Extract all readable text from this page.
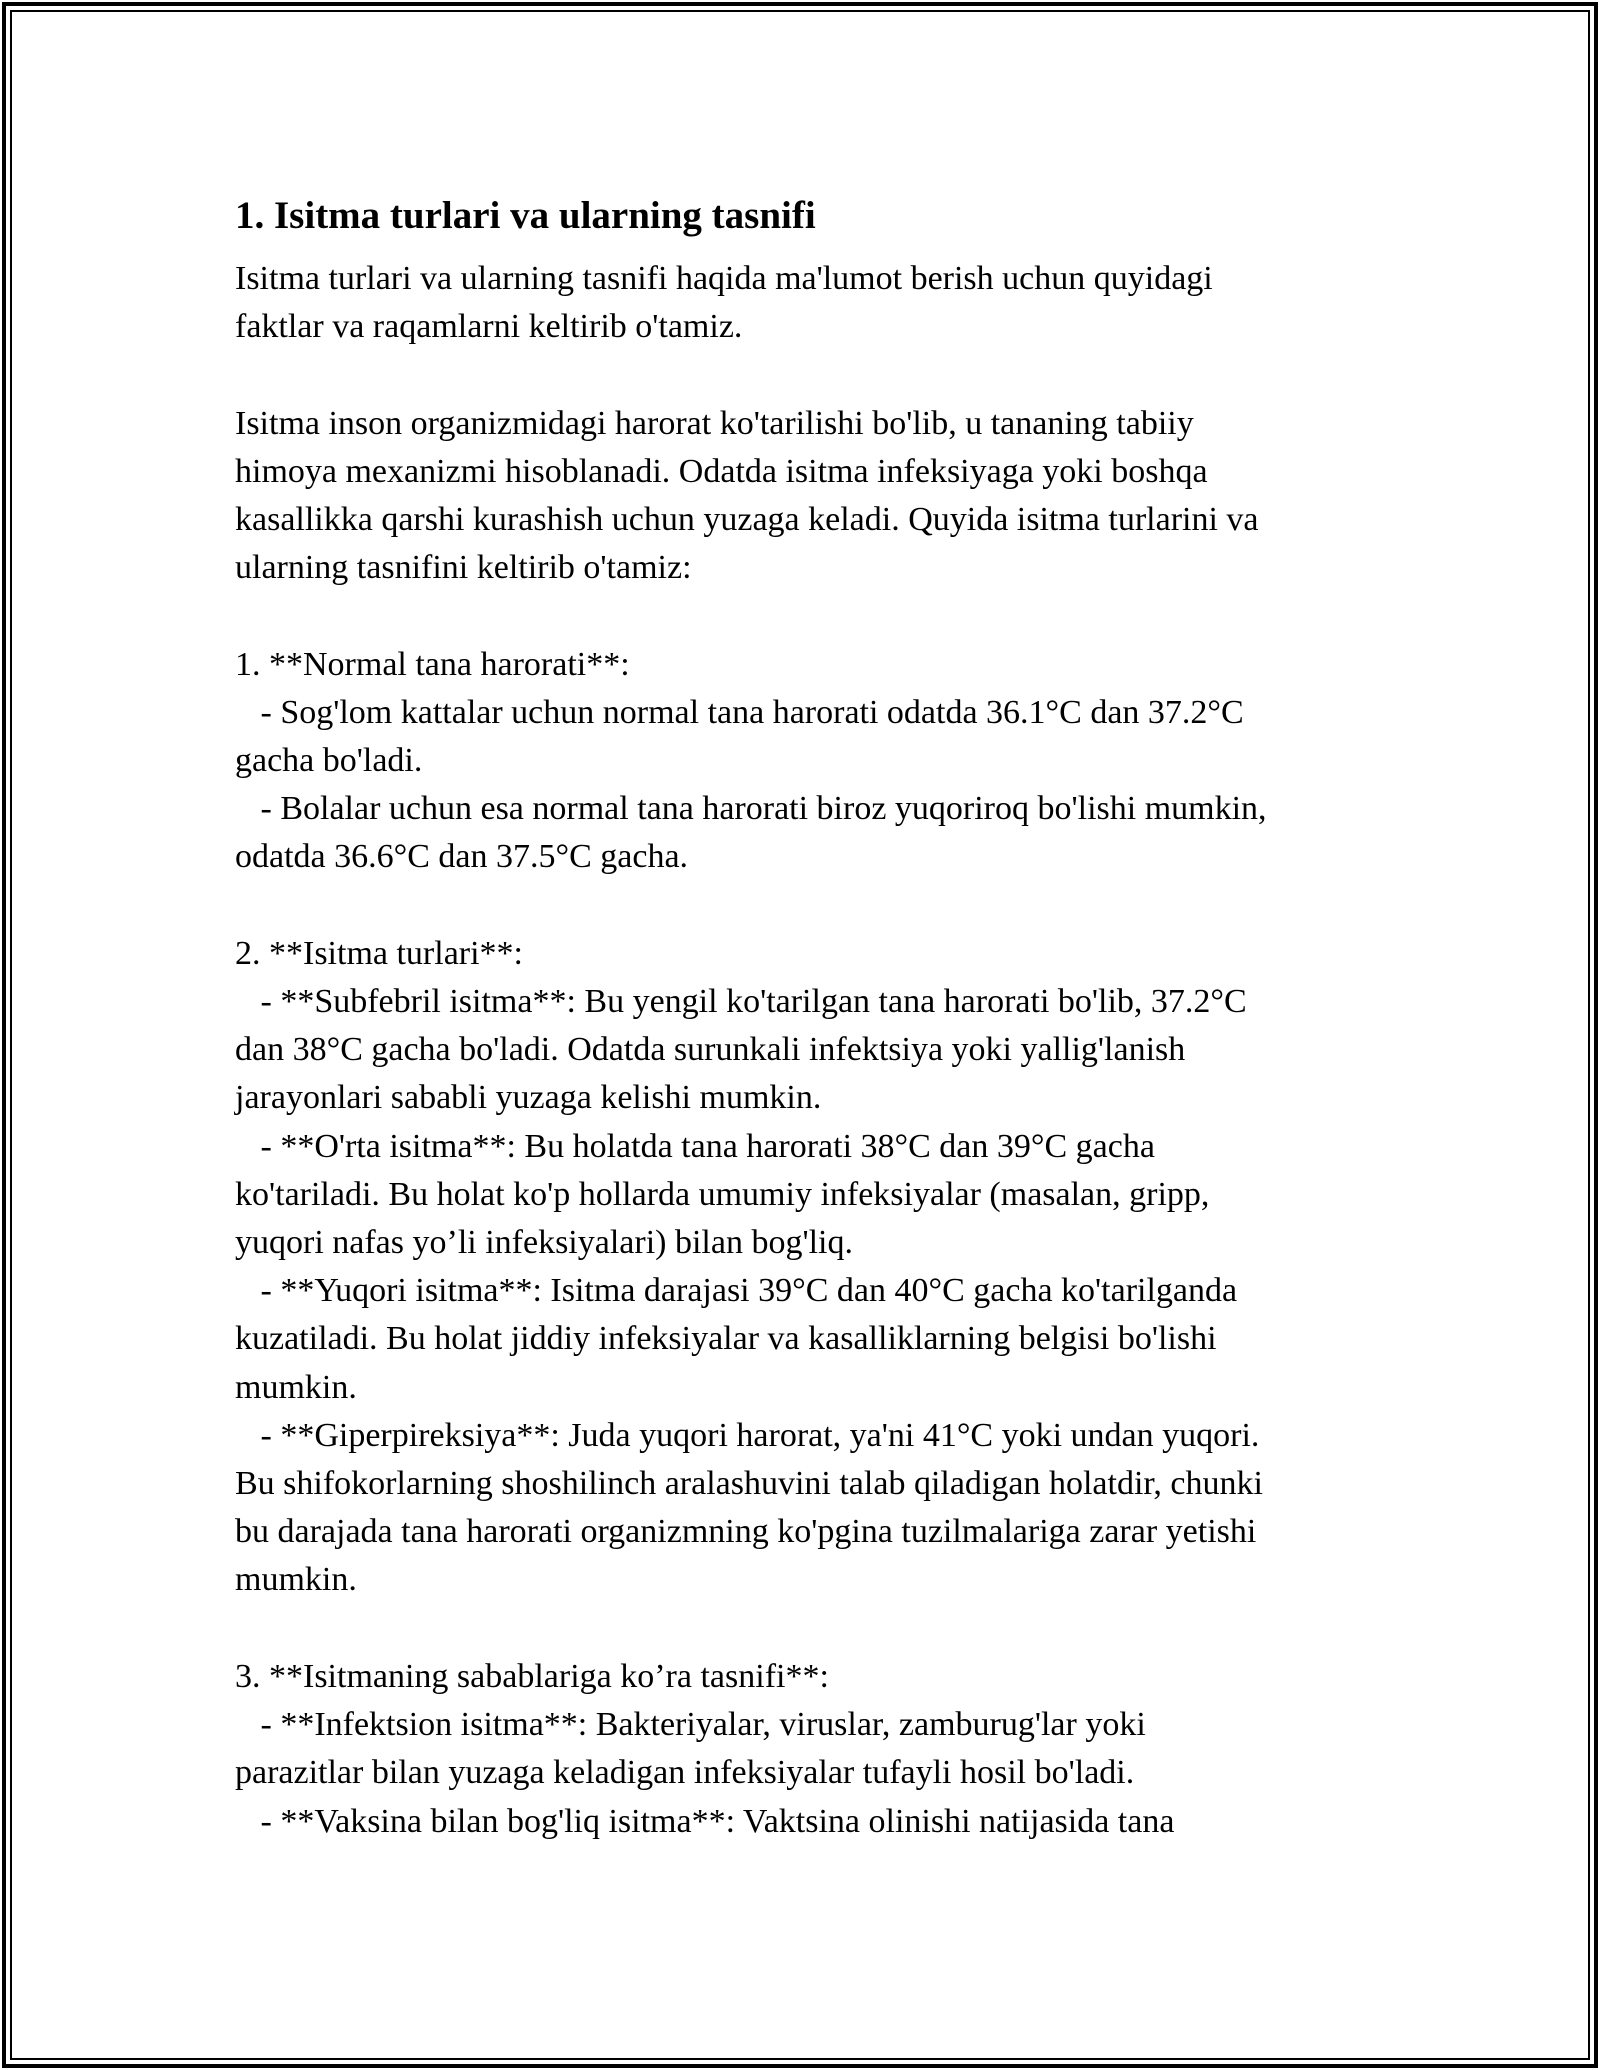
1. Isitma turlari va ularning tasnifi

Isitma turlari va ularning tasnifi haqida ma'lumot berish uchun quyidagi
faktlar va raqamlarni keltirib o'tamiz.

Isitma inson organizmidagi harorat ko'tarilishi bo'lib, u tananing tabiiy
himoya mexanizmi hisoblanadi. Odatda isitma infeksiyaga yoki boshqa
kasallikka qarshi kurashish uchun yuzaga keladi. Quyida isitma turlarini va
ularning tasnifini keltirib o'tamiz:

1. **Normal tana harorati**:
- Sog'lom kattalar uchun normal tana harorati odatda 36.1°C dan 37.2°C
gacha bo'ladi.
- Bolalar uchun esa normal tana harorati biroz yuqoriroq bo'lishi mumkin,
odatda 36.6°C dan 37.5°C gacha.

2. **Isitma turlari**:
- **Subfebril isitma**: Bu yengil ko'tarilgan tana harorati bo'lib, 37.2°C
dan 38°C gacha bo'ladi. Odatda surunkali infektsiya yoki yallig'lanish
jarayonlari sababli yuzaga kelishi mumkin.
- **O'rta isitma**: Bu holatda tana harorati 38°C dan 39°C gacha
ko'tariladi. Bu holat ko'p hollarda umumiy infeksiyalar (masalan, gripp,
yuqori nafas yo’li infeksiyalari) bilan bog'liq.
- **Yuqori isitma**: Isitma darajasi 39°C dan 40°C gacha ko'tarilganda
kuzatiladi. Bu holat jiddiy infeksiyalar va kasalliklarning belgisi bo'lishi
mumkin.
- **Giperpireksiya**: Juda yuqori harorat, ya'ni 41°C yoki undan yuqori.
Bu shifokorlarning shoshilinch aralashuvini talab qiladigan holatdir, chunki
bu darajada tana harorati organizmning ko'pgina tuzilmalariga zarar yetishi
mumkin.

3. **Isitmaning sabablariga ko’ra tasnifi**:
- **Infektsion isitma**: Bakteriyalar, viruslar, zamburug'lar yoki
parazitlar bilan yuzaga keladigan infeksiyalar tufayli hosil bo'ladi.
- **Vaksina bilan bog'liq isitma**: Vaktsina olinishi natijasida tana
